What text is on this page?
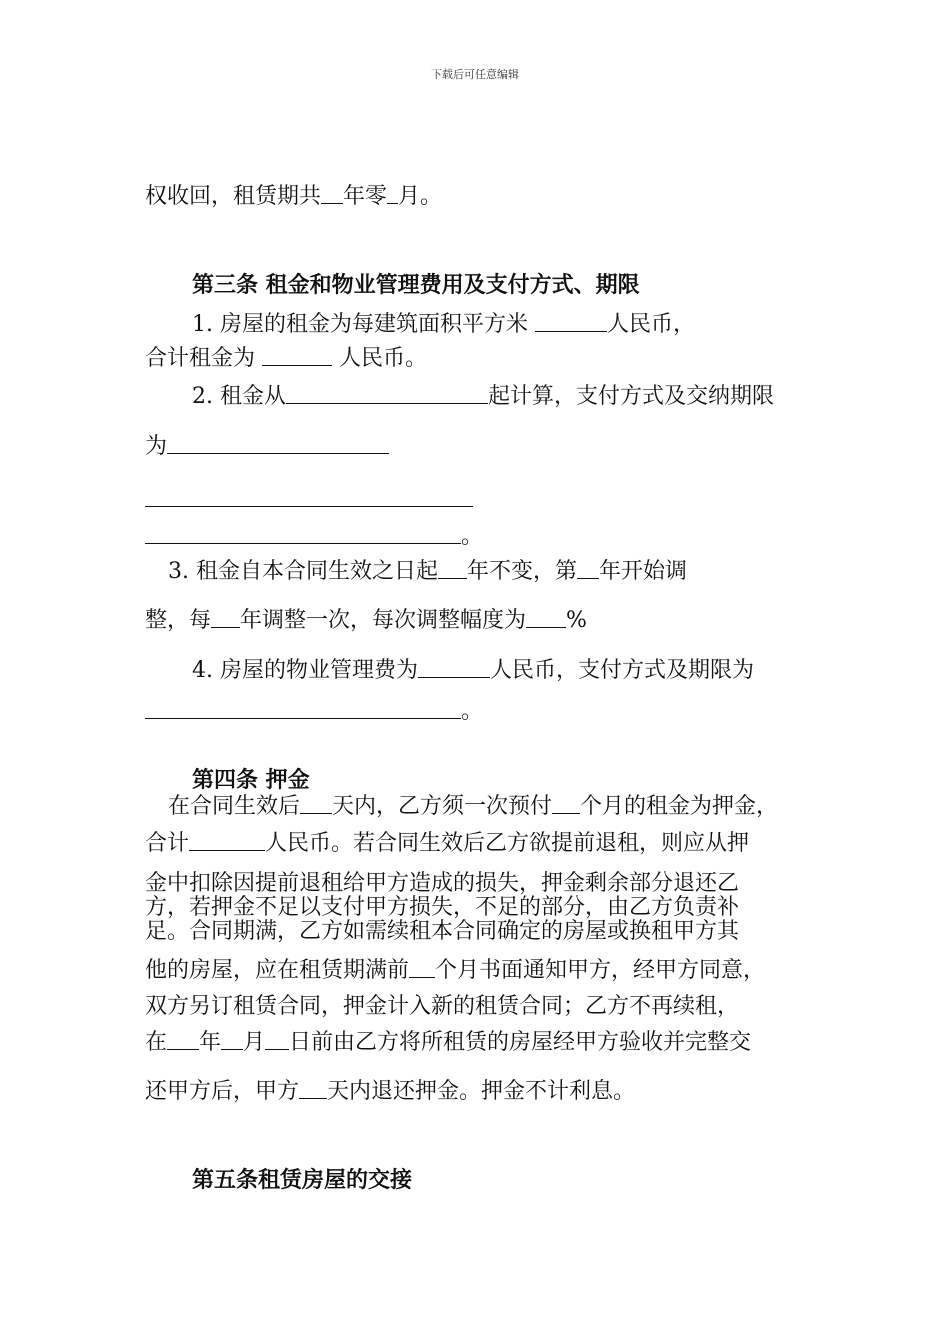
下载后可任意编辑
权收回，租赁期共 年零 月。
第三条 租金和物业管理费用及支付方式、期限
1. 房屋的租金为每建筑面积平方米	人民币，
合计租金为	人民币。
2. 租金从	起计算，支付方式及交纳期限
为
。
3. 租金自本合同生效之日起 年不变，第 年开始调
整，每 年调整一次，每次调整幅度为 %
4. 房屋的物业管理费为	人民币，支付方式及期限为
。
第四条 押金
在合同生效后 天内，乙方须一次预付 个月的租金为押金，
合计	人民币。若合同生效后乙方欲提前退租，则应从押
金中扣除因提前退租给甲方造成的损失，押金剩余部分退还乙
方，若押金不足以支付甲方损失，不足的部分，由乙方负责补
足。合同期满，乙方如需续租本合同确定的房屋或换租甲方其
他的房屋，应在租赁期满前 个月书面通知甲方，经甲方同意，
双方另订租赁合同，押金计入新的租赁合同；乙方不再续租，
在 年 月 日前由乙方将所租赁的房屋经甲方验收并完整交
还甲方后，甲方 天内退还押金。押金不计利息。
第五条租赁房屋的交接
